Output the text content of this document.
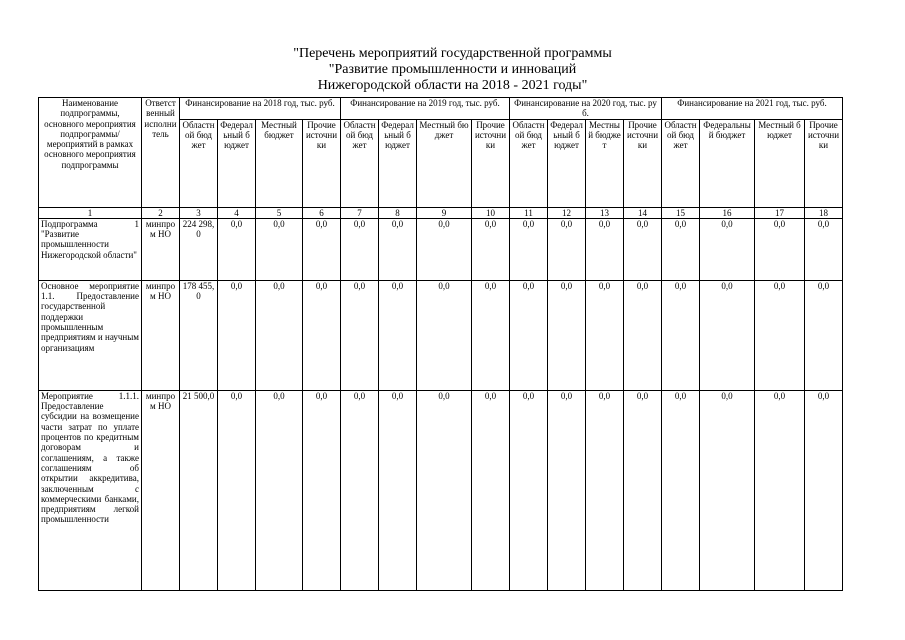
"Перечень мероприятий государственной программы
"Развитие промышленности и инноваций
Нижегородской области на 2018 - 2021 годы"
Наименование подпрограммы, основного мероприятия подпрограммы/мероприятий в рамках основного мероприятия подпрограммы	Ответственный исполнитель	Финансирование на 2018 год, тыс. руб.				Финансирование на 2019 год, тыс. руб.				Финансирование на 2020 год, тыс. руб.				Финансирование на 2021 год, тыс. руб.			
		Областной бюджет	Федеральный бюджет	Местный бюджет	Прочие источники	Областной бюджет	Федеральный бюджет	Местный бюджет	Прочие источники	Областной бюджет	Федеральный бюджет	Местный бюджет	Прочие источники	Областной бюджет	Федеральный бюджет	Местный бюджет	Прочие источники
1	2	3	4	5	6	7	8	9	10	11	12	13	14	15	16	17	18
Подпрограмма 1 "Развитие промышленности Нижегородской области"	минпром НО	224 298,0	0,0	0,0	0,0	0,0	0,0	0,0	0,0	0,0	0,0	0,0	0,0	0,0	0,0	0,0	0,0
Основное мероприятие 1.1. Предоставление государственной поддержки промышленным предприятиям и научным организациям	минпром НО	178 455,0	0,0	0,0	0,0	0,0	0,0	0,0	0,0	0,0	0,0	0,0	0,0	0,0	0,0	0,0	0,0
Мероприятие 1.1.1. Предоставление субсидии на возмещение части затрат по уплате процентов по кредитным договорам и соглашениям, а также соглашениям об открытии аккредитива, заключенным с коммерческими банками, предприятиям легкой промышленности	минпром НО	21 500,0	0,0	0,0	0,0	0,0	0,0	0,0	0,0	0,0	0,0	0,0	0,0	0,0	0,0	0,0	0,0
